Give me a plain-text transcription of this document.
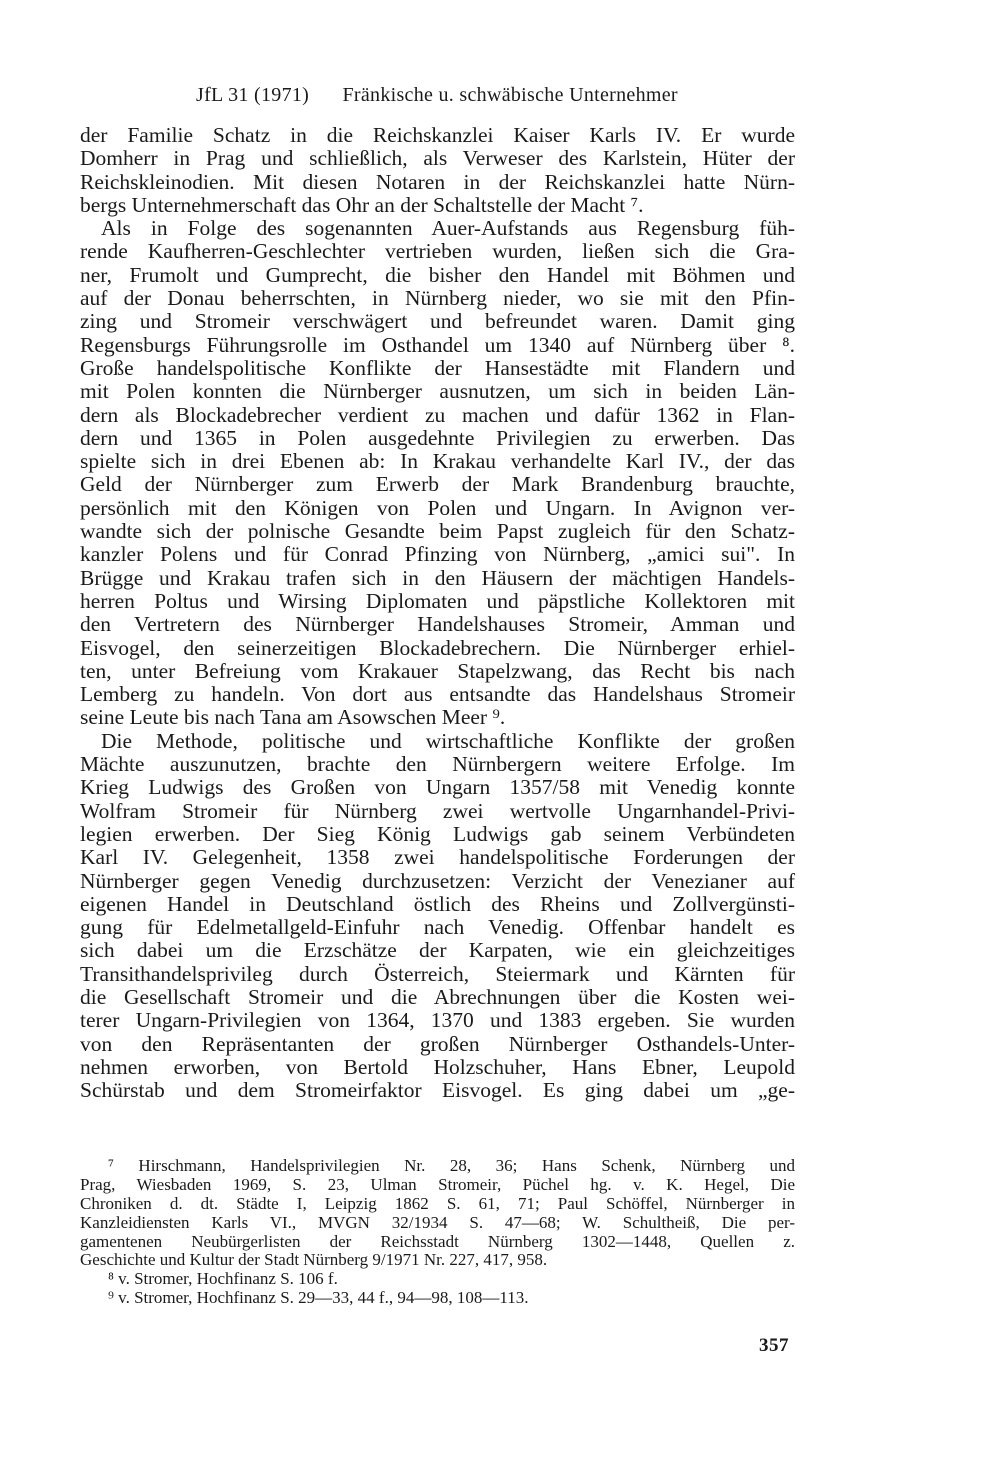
JfL 31 (1971) Fränkische u. schwäbische Unternehmer
der Familie Schatz in die Reichskanzlei Kaiser Karls IV. Er wurde
Domherr in Prag und schließlich, als Verweser des Karlstein, Hüter der
Reichskleinodien. Mit diesen Notaren in der Reichskanzlei hatte Nürn-
bergs Unternehmerschaft das Ohr an der Schaltstelle der Macht ⁷.
Als in Folge des sogenannten Auer-Aufstands aus Regensburg füh-
rende Kaufherren-Geschlechter vertrieben wurden, ließen sich die Gra-
ner, Frumolt und Gumprecht, die bisher den Handel mit Böhmen und
auf der Donau beherrschten, in Nürnberg nieder, wo sie mit den Pfin-
zing und Stromeir verschwägert und befreundet waren. Damit ging
Regensburgs Führungsrolle im Osthandel um 1340 auf Nürnberg über ⁸.
Große handelspolitische Konflikte der Hansestädte mit Flandern und
mit Polen konnten die Nürnberger ausnutzen, um sich in beiden Län-
dern als Blockadebrecher verdient zu machen und dafür 1362 in Flan-
dern und 1365 in Polen ausgedehnte Privilegien zu erwerben. Das
spielte sich in drei Ebenen ab: In Krakau verhandelte Karl IV., der das
Geld der Nürnberger zum Erwerb der Mark Brandenburg brauchte,
persönlich mit den Königen von Polen und Ungarn. In Avignon ver-
wandte sich der polnische Gesandte beim Papst zugleich für den Schatz-
kanzler Polens und für Conrad Pfinzing von Nürnberg, „amici sui". In
Brügge und Krakau trafen sich in den Häusern der mächtigen Handels-
herren Poltus und Wirsing Diplomaten und päpstliche Kollektoren mit
den Vertretern des Nürnberger Handelshauses Stromeir, Amman und
Eisvogel, den seinerzeitigen Blockadebrechern. Die Nürnberger erhiel-
ten, unter Befreiung vom Krakauer Stapelzwang, das Recht bis nach
Lemberg zu handeln. Von dort aus entsandte das Handelshaus Stromeir
seine Leute bis nach Tana am Asowschen Meer ⁹.
Die Methode, politische und wirtschaftliche Konflikte der großen
Mächte auszunutzen, brachte den Nürnbergern weitere Erfolge. Im
Krieg Ludwigs des Großen von Ungarn 1357/58 mit Venedig konnte
Wolfram Stromeir für Nürnberg zwei wertvolle Ungarnhandel-Privi-
legien erwerben. Der Sieg König Ludwigs gab seinem Verbündeten
Karl IV. Gelegenheit, 1358 zwei handelspolitische Forderungen der
Nürnberger gegen Venedig durchzusetzen: Verzicht der Venezianer auf
eigenen Handel in Deutschland östlich des Rheins und Zollvergünsti-
gung für Edelmetallgeld-Einfuhr nach Venedig. Offenbar handelt es
sich dabei um die Erzschätze der Karpaten, wie ein gleichzeitiges
Transithandelsprivileg durch Österreich, Steiermark und Kärnten für
die Gesellschaft Stromeir und die Abrechnungen über die Kosten wei-
terer Ungarn-Privilegien von 1364, 1370 und 1383 ergeben. Sie wurden
von den Repräsentanten der großen Nürnberger Osthandels-Unter-
nehmen erworben, von Bertold Holzschuher, Hans Ebner, Leupold
Schürstab und dem Stromeirfaktor Eisvogel. Es ging dabei um „ge-
⁷ Hirschmann, Handelsprivilegien Nr. 28, 36; Hans Schenk, Nürnberg und
Prag, Wiesbaden 1969, S. 23, Ulman Stromeir, Püchel hg. v. K. Hegel, Die
Chroniken d. dt. Städte I, Leipzig 1862 S. 61, 71; Paul Schöffel, Nürnberger in
Kanzleidiensten Karls VI., MVGN 32/1934 S. 47—68; W. Schultheiß, Die per-
gamentenen Neubürgerlisten der Reichsstadt Nürnberg 1302—1448, Quellen z.
Geschichte und Kultur der Stadt Nürnberg 9/1971 Nr. 227, 417, 958.
⁸ v. Stromer, Hochfinanz S. 106 f.
⁹ v. Stromer, Hochfinanz S. 29—33, 44 f., 94—98, 108—113.
357
